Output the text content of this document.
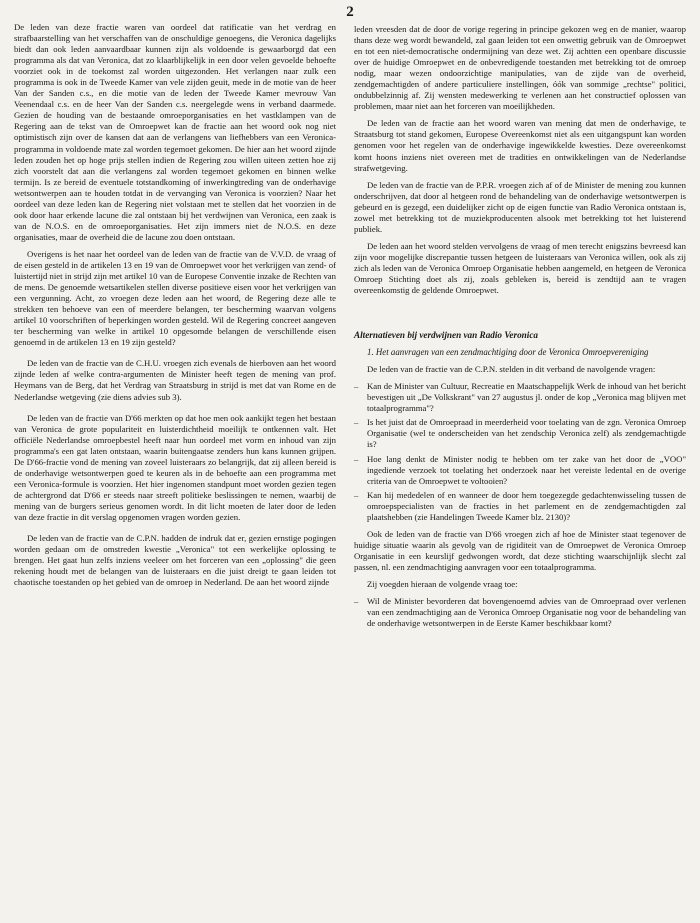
2

De leden van deze fractie waren van oordeel dat ratificatie van het verdrag en strafbaarstelling van het verschaffen van de onschuldige genoegens, die Veronica dagelijks biedt dan ook leden aanvaardbaar kunnen zijn als voldoende is gewaarborgd dat een programma als dat van Veronica, dat zo klaarblijkelijk in een door velen gevoelde behoefte voorziet ook in de toekomst zal worden uitgezonden. Het verlangen naar zulk een programma is ook in de Tweede Kamer van vele zijden geuit, mede in de motie van de heer Van der Sanden c.s., en die motie van de leden der Tweede Kamer mevrouw Van Veenendaal c.s. en de heer Van der Sanden c.s. neergelegde wens in verband daarmede. Gezien de houding van de bestaande omroeporganisaties en het vastklampen van de Regering aan de tekst van de Omroepwet kan de fractie aan het woord ook nog niet optimistisch zijn over de kansen dat aan de verlangens van liefhebbers van een Veronica-programma in voldoende mate zal worden tegemoet gekomen. De hier aan het woord zijnde leden zouden het op hoge prijs stellen indien de Regering zou willen uiteen zetten hoe zij zich voorstelt dat aan die verlangens zal worden tegemoet gekomen en binnen welke termijn. Is ze bereid de eventuele totstandkoming of inwerkingtreding van de onderhavige wetsontwerpen aan te houden totdat in de vervanging van Veronica is voorzien? Naar het oordeel van deze leden kan de Regering niet volstaan met te stellen dat het voorzien in de ook door haar erkende lacune die zal ontstaan bij het verdwijnen van Veronica, een zaak is van de N.O.S. en de omroeporganisaties. Het zijn immers niet de N.O.S. en deze organisaties, maar de overheid die de lacune zou doen ontstaan.

Overigens is het naar het oordeel van de leden van de fractie van de V.V.D. de vraag of de eisen gesteld in de artikelen 13 en 19 van de Omroepwet voor het verkrijgen van zend- of luistertijd niet in strijd zijn met artikel 10 van de Europese Conventie inzake de Rechten van de mens. De genoemde wetsartikelen stellen diverse positieve eisen voor het verkrijgen van een vergunning. Acht, zo vroegen deze leden aan het woord, de Regering deze alle te strekken ten behoeve van een of meerdere belangen, ter bescherming waarvan volgens artikel 10 voorschriften of beperkingen worden gesteld. Wil de Regering concreet aangeven ter bescherming van welke in artikel 10 opgesomde belangen de verschillende eisen genoemd in de artikelen 13 en 19 zijn gesteld?

De leden van de fractie van de C.H.U. vroegen zich evenals de hierboven aan het woord zijnde leden af welke contra-argumenten de Minister heeft tegen de mening van prof. Heymans van de Berg, dat het Verdrag van Straatsburg in strijd is met dat van Rome en de Nederlandse wetgeving (zie diens advies sub 3).

De leden van de fractie van D'66 merkten op dat hoe men ook aankijkt tegen het bestaan van Veronica de grote populariteit en luisterdichtheid moeilijk te ontkennen valt. Het officiële Nederlandse omroepbestel heeft naar hun oordeel met vorm en inhoud van zijn programma's een gat laten ontstaan, waarin buitengaatse zenders hun kans kunnen grijpen. De D'66-fractie vond de mening van zoveel luisteraars zo belangrijk, dat zij alleen bereid is de onderhavige wetsontwerpen goed te keuren als in de behoefte aan een programma met een Veronica-formule is voorzien. Het hier ingenomen standpunt moet worden gezien tegen de achtergrond dat D'66 er steeds naar streeft politieke beslissingen te nemen, waarbij de mening van de burgers serieus genomen wordt. In dit licht moeten de later door de leden van deze fractie in dit verslag opgenomen vragen worden gezien.

De leden van de fractie van de C.P.N. hadden de indruk dat er, gezien ernstige pogingen worden gedaan om de omstreden kwestie „Veronica" tot een werkelijke oplossing te brengen. Het gaat hun zelfs inziens veeleer om het forceren van een „oplossing" die geen rekening houdt met de belangen van de luisteraars en die juist dreigt te gaan leiden tot chaotische toestanden op het gebied van de omroep in Nederland. De aan het woord zijnde

leden vreesden dat de door de vorige regering in principe gekozen weg en de manier, waarop thans deze weg wordt bewandeld, zal gaan leiden tot een onwettig gebruik van de Omroepwet en tot een niet-democratische ondermijning van deze wet. Zij achtten een openbare discussie over de huidige Omroepwet en de onbevredigende toestanden met betrekking tot de omroep nodig, maar wezen ondoorzichtige manipulaties, van de zijde van de overheid, zendgemachtigden of andere particuliere instellingen, óók van sommige „rechtse" politici, ondubbelzinnig af. Zij wensten medewerking te verlenen aan het constructief oplossen van problemen, maar niet aan het forceren van moeilijkheden.

De leden van de fractie aan het woord waren van mening dat men de onderhavige, te Straatsburg tot stand gekomen, Europese Overeenkomst niet als een uitgangspunt kan worden genomen voor het regelen van de onderhavige ingewikkelde kwesties. Deze overeenkomst komt hoons inziens niet overeen met de tradities en ontwikkelingen van de Nederlandse strafwetgeving.

De leden van de fractie van de P.P.R. vroegen zich af of de Minister de mening zou kunnen onderschrijven, dat door al hetgeen rond de behandeling van de onderhavige wetsontwerpen is gebeurd en is gezegd, een duidelijker zicht op de eigen functie van Radio Veronica ontstaan is, zowel met betrekking tot de muziekproducenten alsook met betrekking tot het luisterend publiek.

De leden aan het woord stelden vervolgens de vraag of men terecht enigszins bevreesd kan zijn voor mogelijke discrepantie tussen hetgeen de luisteraars van Veronica willen, ook als zij zich als leden van de Veronica Omroep Organisatie hebben aangemeld, en hetgeen de Veronica Omroep Stichting doet als zij, zoals gebleken is, bereid is zendtijd aan te vragen overeenkomstig de geldende Omroepwet.

Alternatieven bij verdwijnen van Radio Veronica
1. Het aanvragen van een zendmachtiging door de Veronica Omroepvereniging

De leden van de fractie van de C.P.N. stelden in dit verband de navolgende vragen:

– Kan de Minister van Cultuur, Recreatie en Maatschappelijk Werk de inhoud van het bericht bevestigen uit „De Volkskrant" van 27 augustus jl. onder de kop „Veronica mag blijven met totaalprogramma"?
– Is het juist dat de Omroepraad in meerderheid voor toelating van de zgn. Veronica Omroep Organisatie (wel te onderscheiden van het zendschip Veronica zelf) als zendgemachtigde is?
– Hoe lang denkt de Minister nodig te hebben om ter zake van het door de „VOO" ingediende verzoek tot toelating het onderzoek naar het vereiste ledental en de overige criteria van de Omroepwet te voltooien?
– Kan hij mededelen of en wanneer de door hem toegezegde gedachtenwisseling tussen de omroepspecialisten van de fracties in het parlement en de zendgemachtigden zal plaatshebben (zie Handelingen Tweede Kamer blz. 2130)?

Ook de leden van de fractie van D'66 vroegen zich af hoe de Minister staat tegenover de huidige situatie waarin als gevolg van de rigiditeit van de Omroepwet de Veronica Omroep Organisatie in een keurslijf gedwongen wordt, dat deze stichting waarschijnlijk slecht zal passen, nl. een zendmachtiging aanvragen voor een totaalprogramma.

Zij voegden hieraan de volgende vraag toe:

– Wil de Minister bevorderen dat bovengenoemd advies van de Omroepraad over verlenen van een zendmachtiging aan de Veronica Omroep Organisatie nog voor de behandeling van de onderhavige wetsontwerpen in de Eerste Kamer beschikbaar komt?
